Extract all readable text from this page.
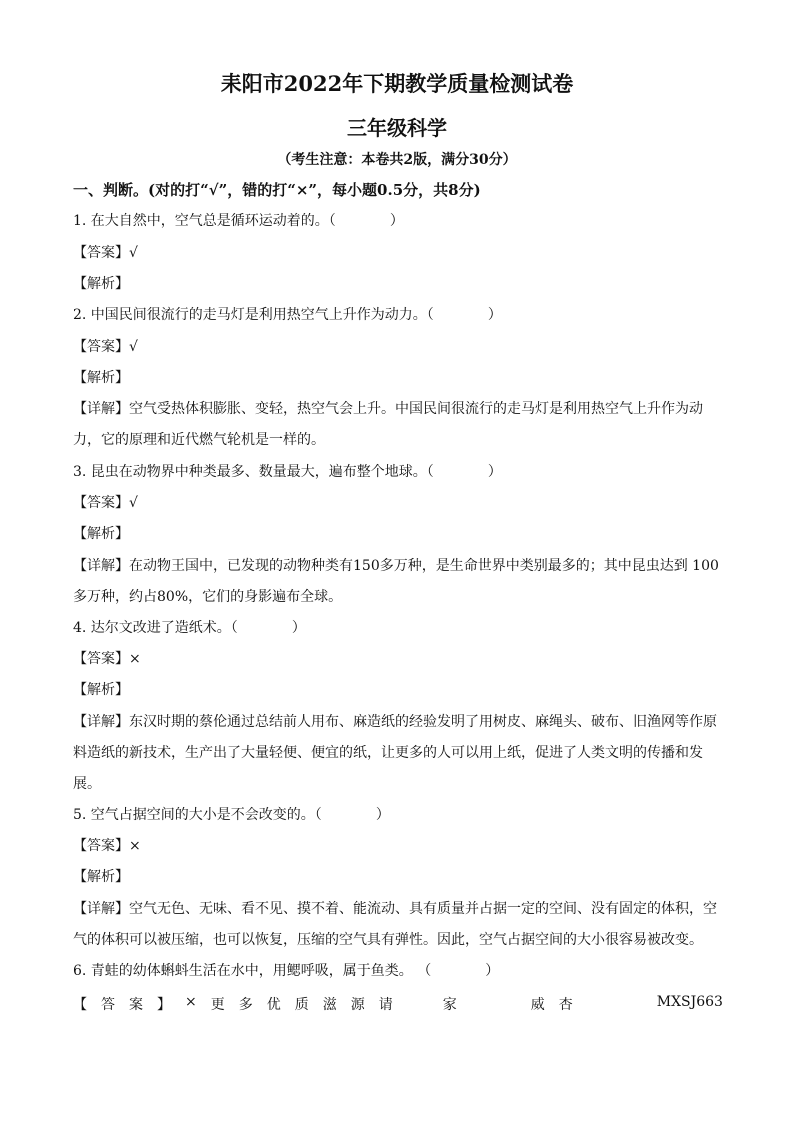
耒阳市2022年下期教学质量检测试卷
三年级科学
（考生注意：本卷共2版，满分30分）
一、判断。(对的打“√”，错的打“×”，每小题0.5分，共8分)
1. 在大自然中，空气总是循环运动着的。（	）
【答案】√
【解析】
2. 中国民间很流行的走马灯是利用热空气上升作为动力。（	）
【答案】√
【解析】
【详解】空气受热体积膨胀、变轻，热空气会上升。中国民间很流行的走马灯是利用热空气上升作为动
力，它的原理和近代燃气轮机是一样的。
3. 昆虫在动物界中种类最多、数量最大，遍布整个地球。（	）
【答案】√
【解析】
【详解】在动物王国中，已发现的动物种类有150多万种，是生命世界中类别最多的；其中昆虫达到 100
多万种，约占80%，它们的身影遍布全球。
4. 达尔文改进了造纸术。（	）
【答案】×
【解析】
【详解】东汉时期的蔡伦通过总结前人用布、麻造纸的经验发明了用树皮、麻绳头、破布、旧渔网等作原
料造纸的新技术，生产出了大量轻便、便宜的纸，让更多的人可以用上纸，促进了人类文明的传播和发
展。
5. 空气占据空间的大小是不会改变的。（	）
【答案】×
【解析】
【详解】空气无色、无味、看不见、摸不着、能流动、具有质量并占据一定的空间、没有固定的体积，空
气的体积可以被压缩，也可以恢复，压缩的空气具有弹性。因此，空气占据空间的大小很容易被改变。
6. 青蛙的幼体蝌蚪生活在水中，用鳃呼吸，属于鱼类。 （	）
【 答 案 】 × 更 多 优 质 滋 源 请	家	威 杏	MXSJ663
